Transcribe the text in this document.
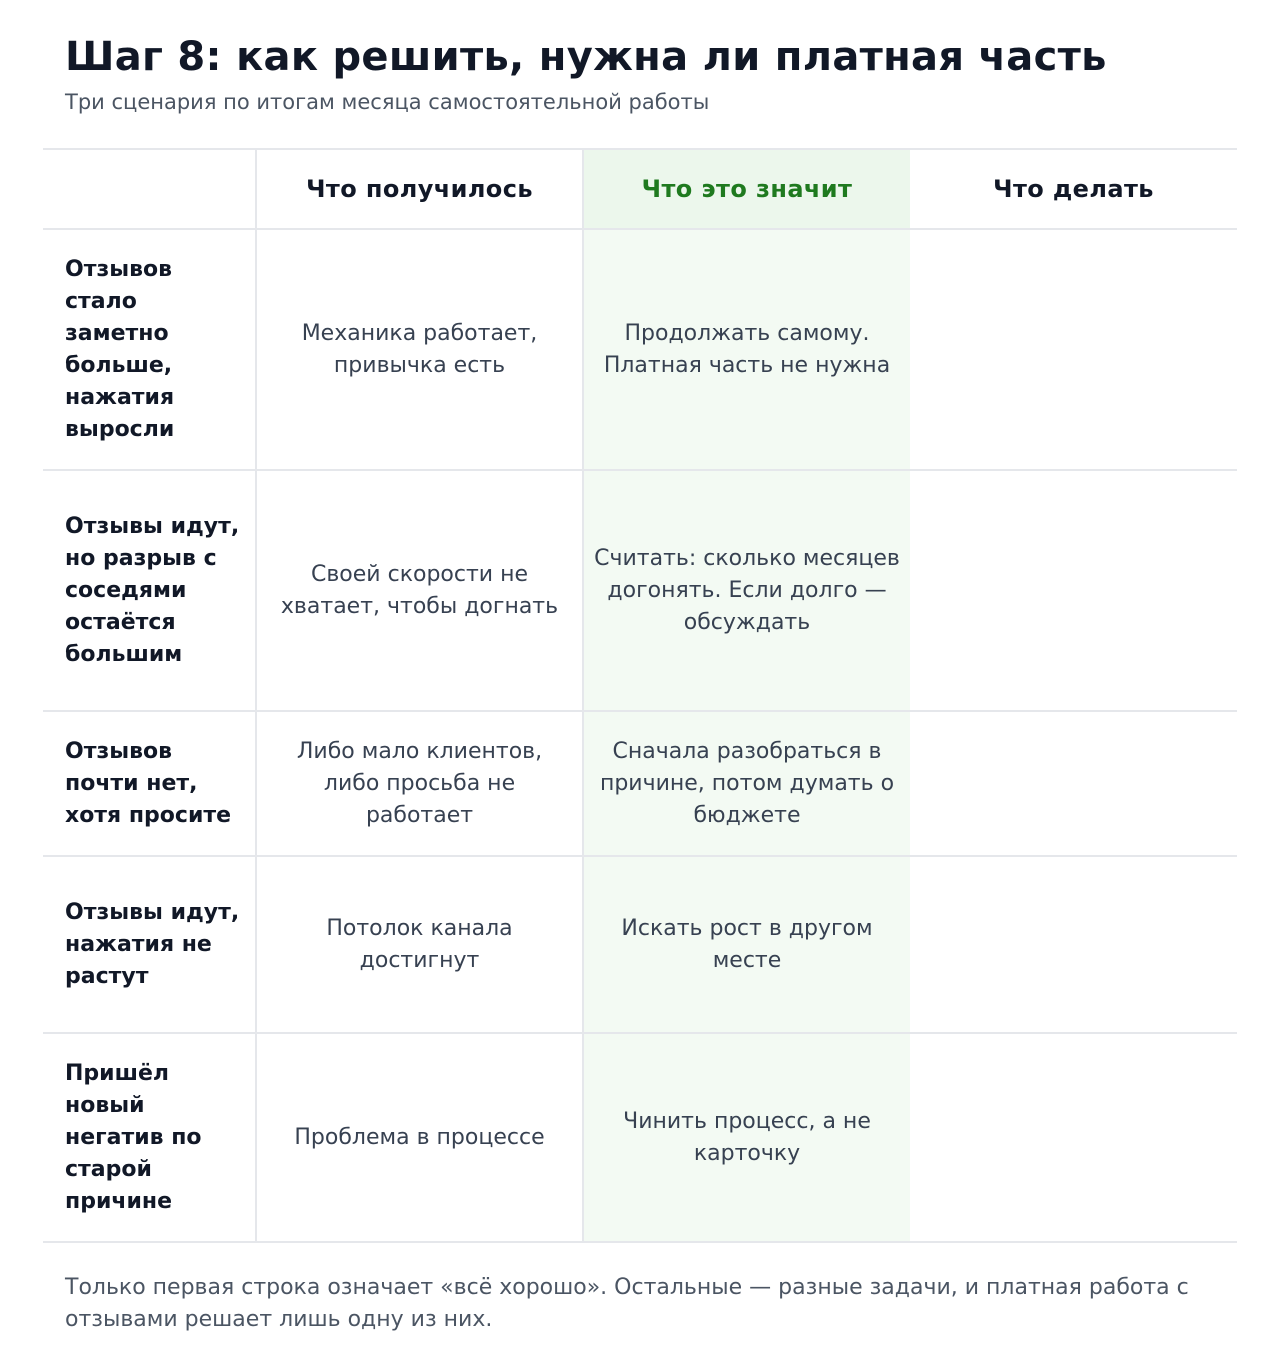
Шаг 8: как решить, нужна ли платная часть

Три сценария по итогам месяца самостоятельной работы

	Что получилось	Что это значит	Что делать
Отзывов стало заметно больше, нажатия выросли	Механика работает, привычка есть	Продолжать самому. Платная часть не нужна	
Отзывы идут, но разрыв с соседями остаётся большим	Своей скорости не хватает, чтобы догнать	Считать: сколько месяцев догонять. Если долго — обсуждать	
Отзывов почти нет, хотя просите	Либо мало клиентов, либо просьба не работает	Сначала разобраться в причине, потом думать о бюджете	
Отзывы идут, нажатия не растут	Потолок канала достигнут	Искать рост в другом месте	
Пришёл новый негатив по старой причине	Проблема в процессе	Чинить процесс, а не карточку	

Только первая строка означает «всё хорошо». Остальные — разные задачи, и платная работа с отзывами решает лишь одну из них.
